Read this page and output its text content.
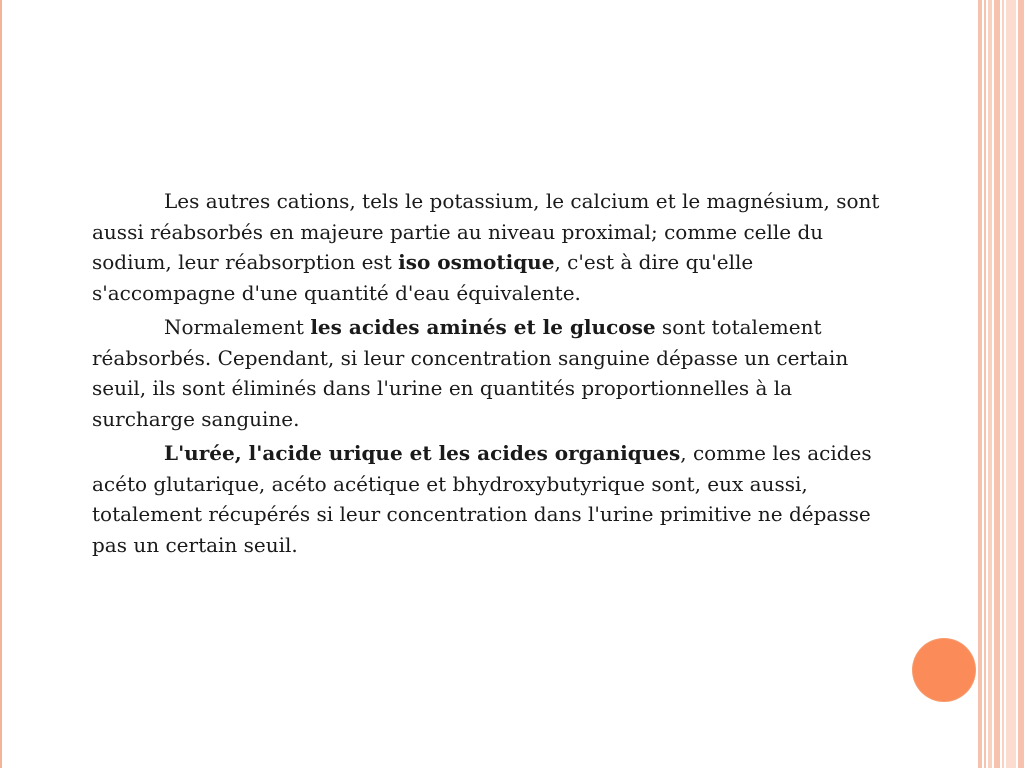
Les autres cations, tels le potassium, le calcium et le magnésium, sont aussi réabsorbés en majeure partie au niveau proximal; comme celle du sodium, leur réabsorption est iso osmotique, c'est à dire qu'elle s'accompagne d'une quantité d'eau équivalente.

Normalement les acides aminés et le glucose sont totalement réabsorbés. Cependant, si leur concentration sanguine dépasse un certain seuil, ils sont éliminés dans l'urine en quantités proportionnelles à la surcharge sanguine.

L'urée, l'acide urique et les acides organiques, comme les acides acéto glutarique, acéto acétique et bhydroxybutyrique sont, eux aussi, totalement récupérés si leur concentration dans l'urine primitive ne dépasse pas un certain seuil.
